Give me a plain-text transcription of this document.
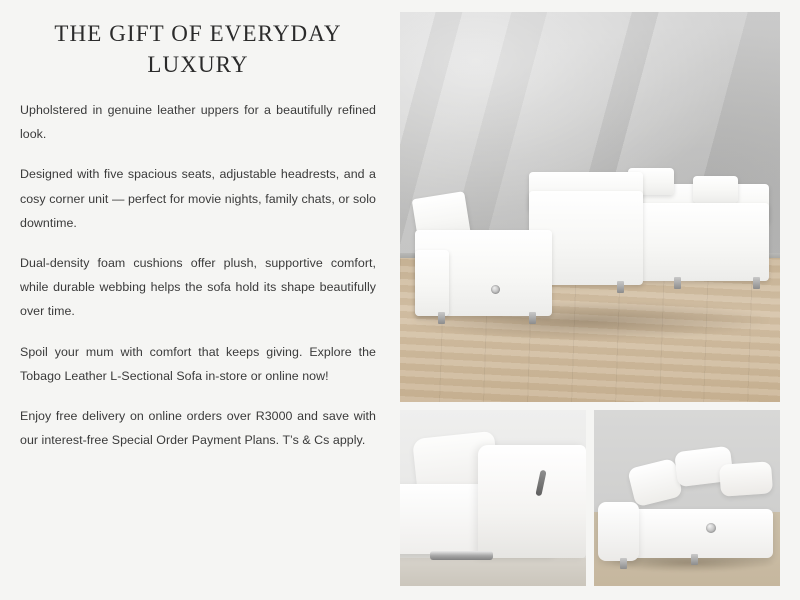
THE GIFT OF EVERYDAY LUXURY

Upholstered in genuine leather uppers for a beautifully refined look.

Designed with five spacious seats, adjustable headrests, and a cosy corner unit — perfect for movie nights, family chats, or solo downtime.

Dual-density foam cushions offer plush, supportive comfort, while durable webbing helps the sofa hold its shape beautifully over time.

Spoil your mum with comfort that keeps giving. Explore the Tobago Leather L-Sectional Sofa in-store or online now!

Enjoy free delivery on online orders over R3000 and save with our interest-free Special Order Payment Plans. T’s & Cs apply.
